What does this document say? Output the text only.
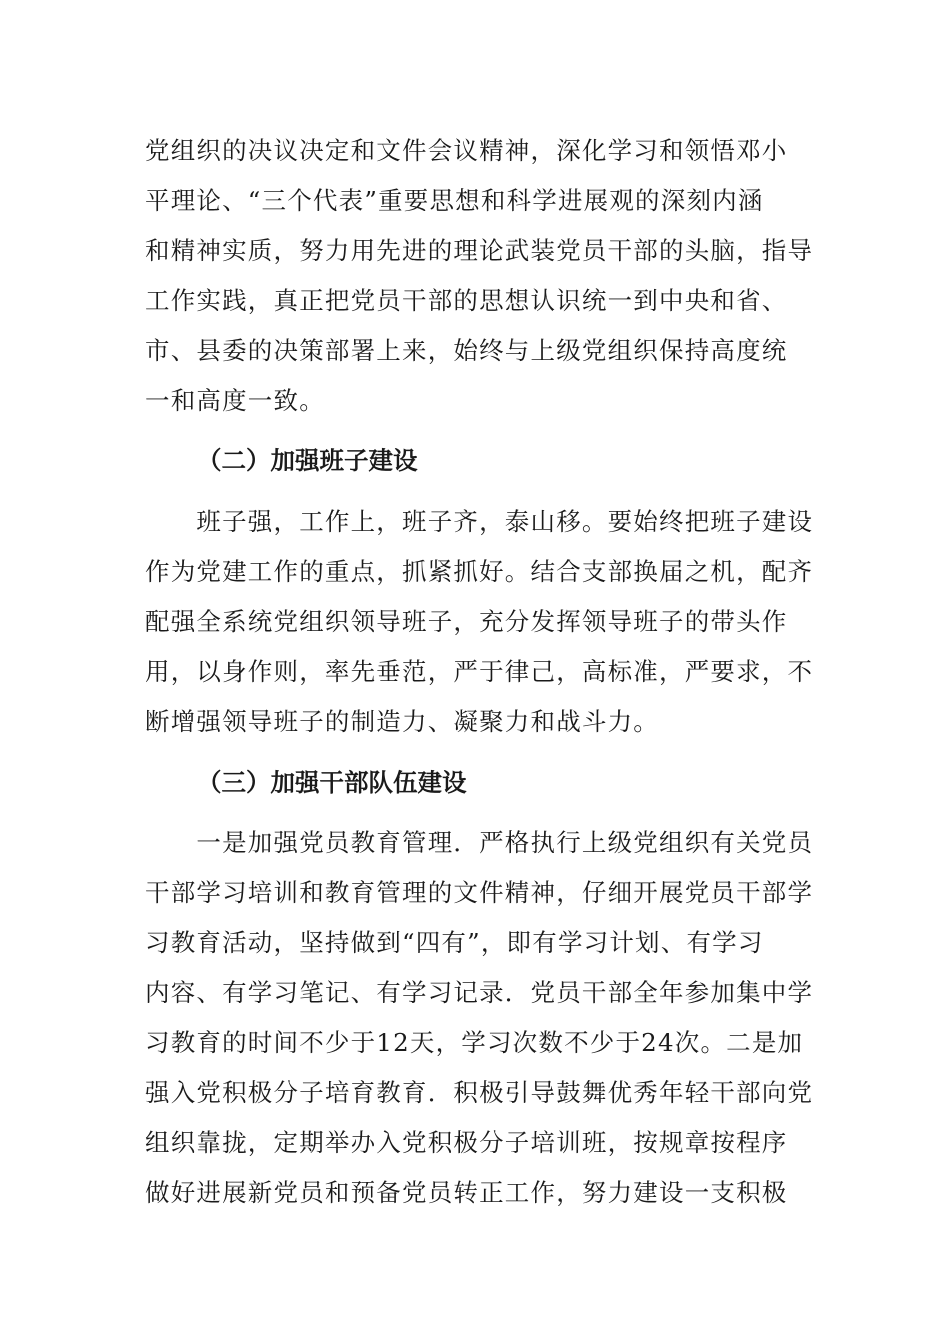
党组织的决议决定和文件会议精神，深化学习和领悟邓小
平理论、“三个代表”重要思想和科学进展观的深刻内涵
和精神实质，努力用先进的理论武装党员干部的头脑，指导
工作实践，真正把党员干部的思想认识统一到中央和省、
市、县委的决策部署上来，始终与上级党组织保持高度统
一和高度一致。
（二）加强班子建设
　　班子强，工作上，班子齐，泰山移。要始终把班子建设
作为党建工作的重点，抓紧抓好。结合支部换届之机，配齐
配强全系统党组织领导班子，充分发挥领导班子的带头作
用，以身作则，率先垂范，严于律己，高标准，严要求，不
断增强领导班子的制造力、凝聚力和战斗力。
（三）加强干部队伍建设
　　一是加强党员教育管理．严格执行上级党组织有关党员
干部学习培训和教育管理的文件精神，仔细开展党员干部学
习教育活动，坚持做到“四有”，即有学习计划、有学习
内容、有学习笔记、有学习记录．党员干部全年参加集中学
习教育的时间不少于12天，学习次数不少于24次。二是加
强入党积极分子培育教育．积极引导鼓舞优秀年轻干部向党
组织靠拢，定期举办入党积极分子培训班，按规章按程序
做好进展新党员和预备党员转正工作，努力建设一支积极
